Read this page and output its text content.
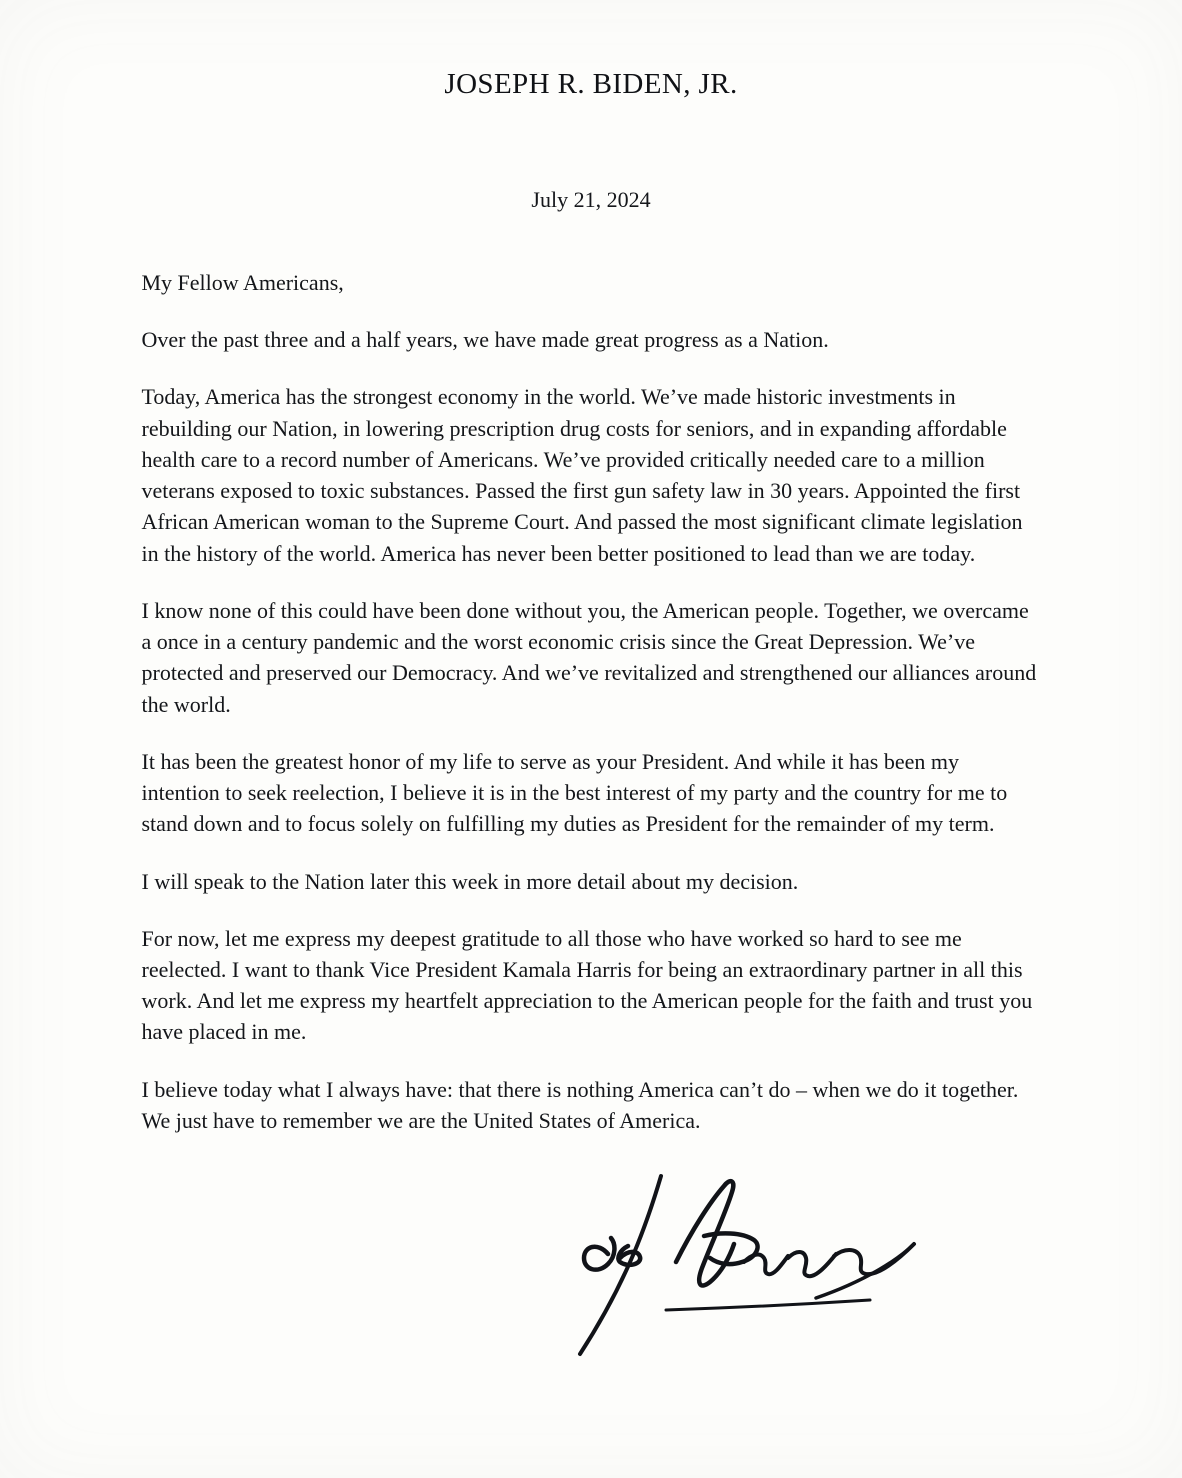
JOSEPH R. BIDEN, JR.
July 21, 2024
My Fellow Americans,

Over the past three and a half years, we have made great progress as a Nation.

Today, America has the strongest economy in the world. We’ve made historic investments in rebuilding our Nation, in lowering prescription drug costs for seniors, and in expanding affordable health care to a record number of Americans. We’ve provided critically needed care to a million veterans exposed to toxic substances. Passed the first gun safety law in 30 years. Appointed the first African American woman to the Supreme Court. And passed the most significant climate legislation in the history of the world. America has never been better positioned to lead than we are today.

I know none of this could have been done without you, the American people. Together, we overcame a once in a century pandemic and the worst economic crisis since the Great Depression. We’ve protected and preserved our Democracy. And we’ve revitalized and strengthened our alliances around the world.

It has been the greatest honor of my life to serve as your President. And while it has been my intention to seek reelection, I believe it is in the best interest of my party and the country for me to stand down and to focus solely on fulfilling my duties as President for the remainder of my term.

I will speak to the Nation later this week in more detail about my decision.

For now, let me express my deepest gratitude to all those who have worked so hard to see me reelected. I want to thank Vice President Kamala Harris for being an extraordinary partner in all this work. And let me express my heartfelt appreciation to the American people for the faith and trust you have placed in me.

I believe today what I always have: that there is nothing America can’t do – when we do it together. We just have to remember we are the United States of America.
